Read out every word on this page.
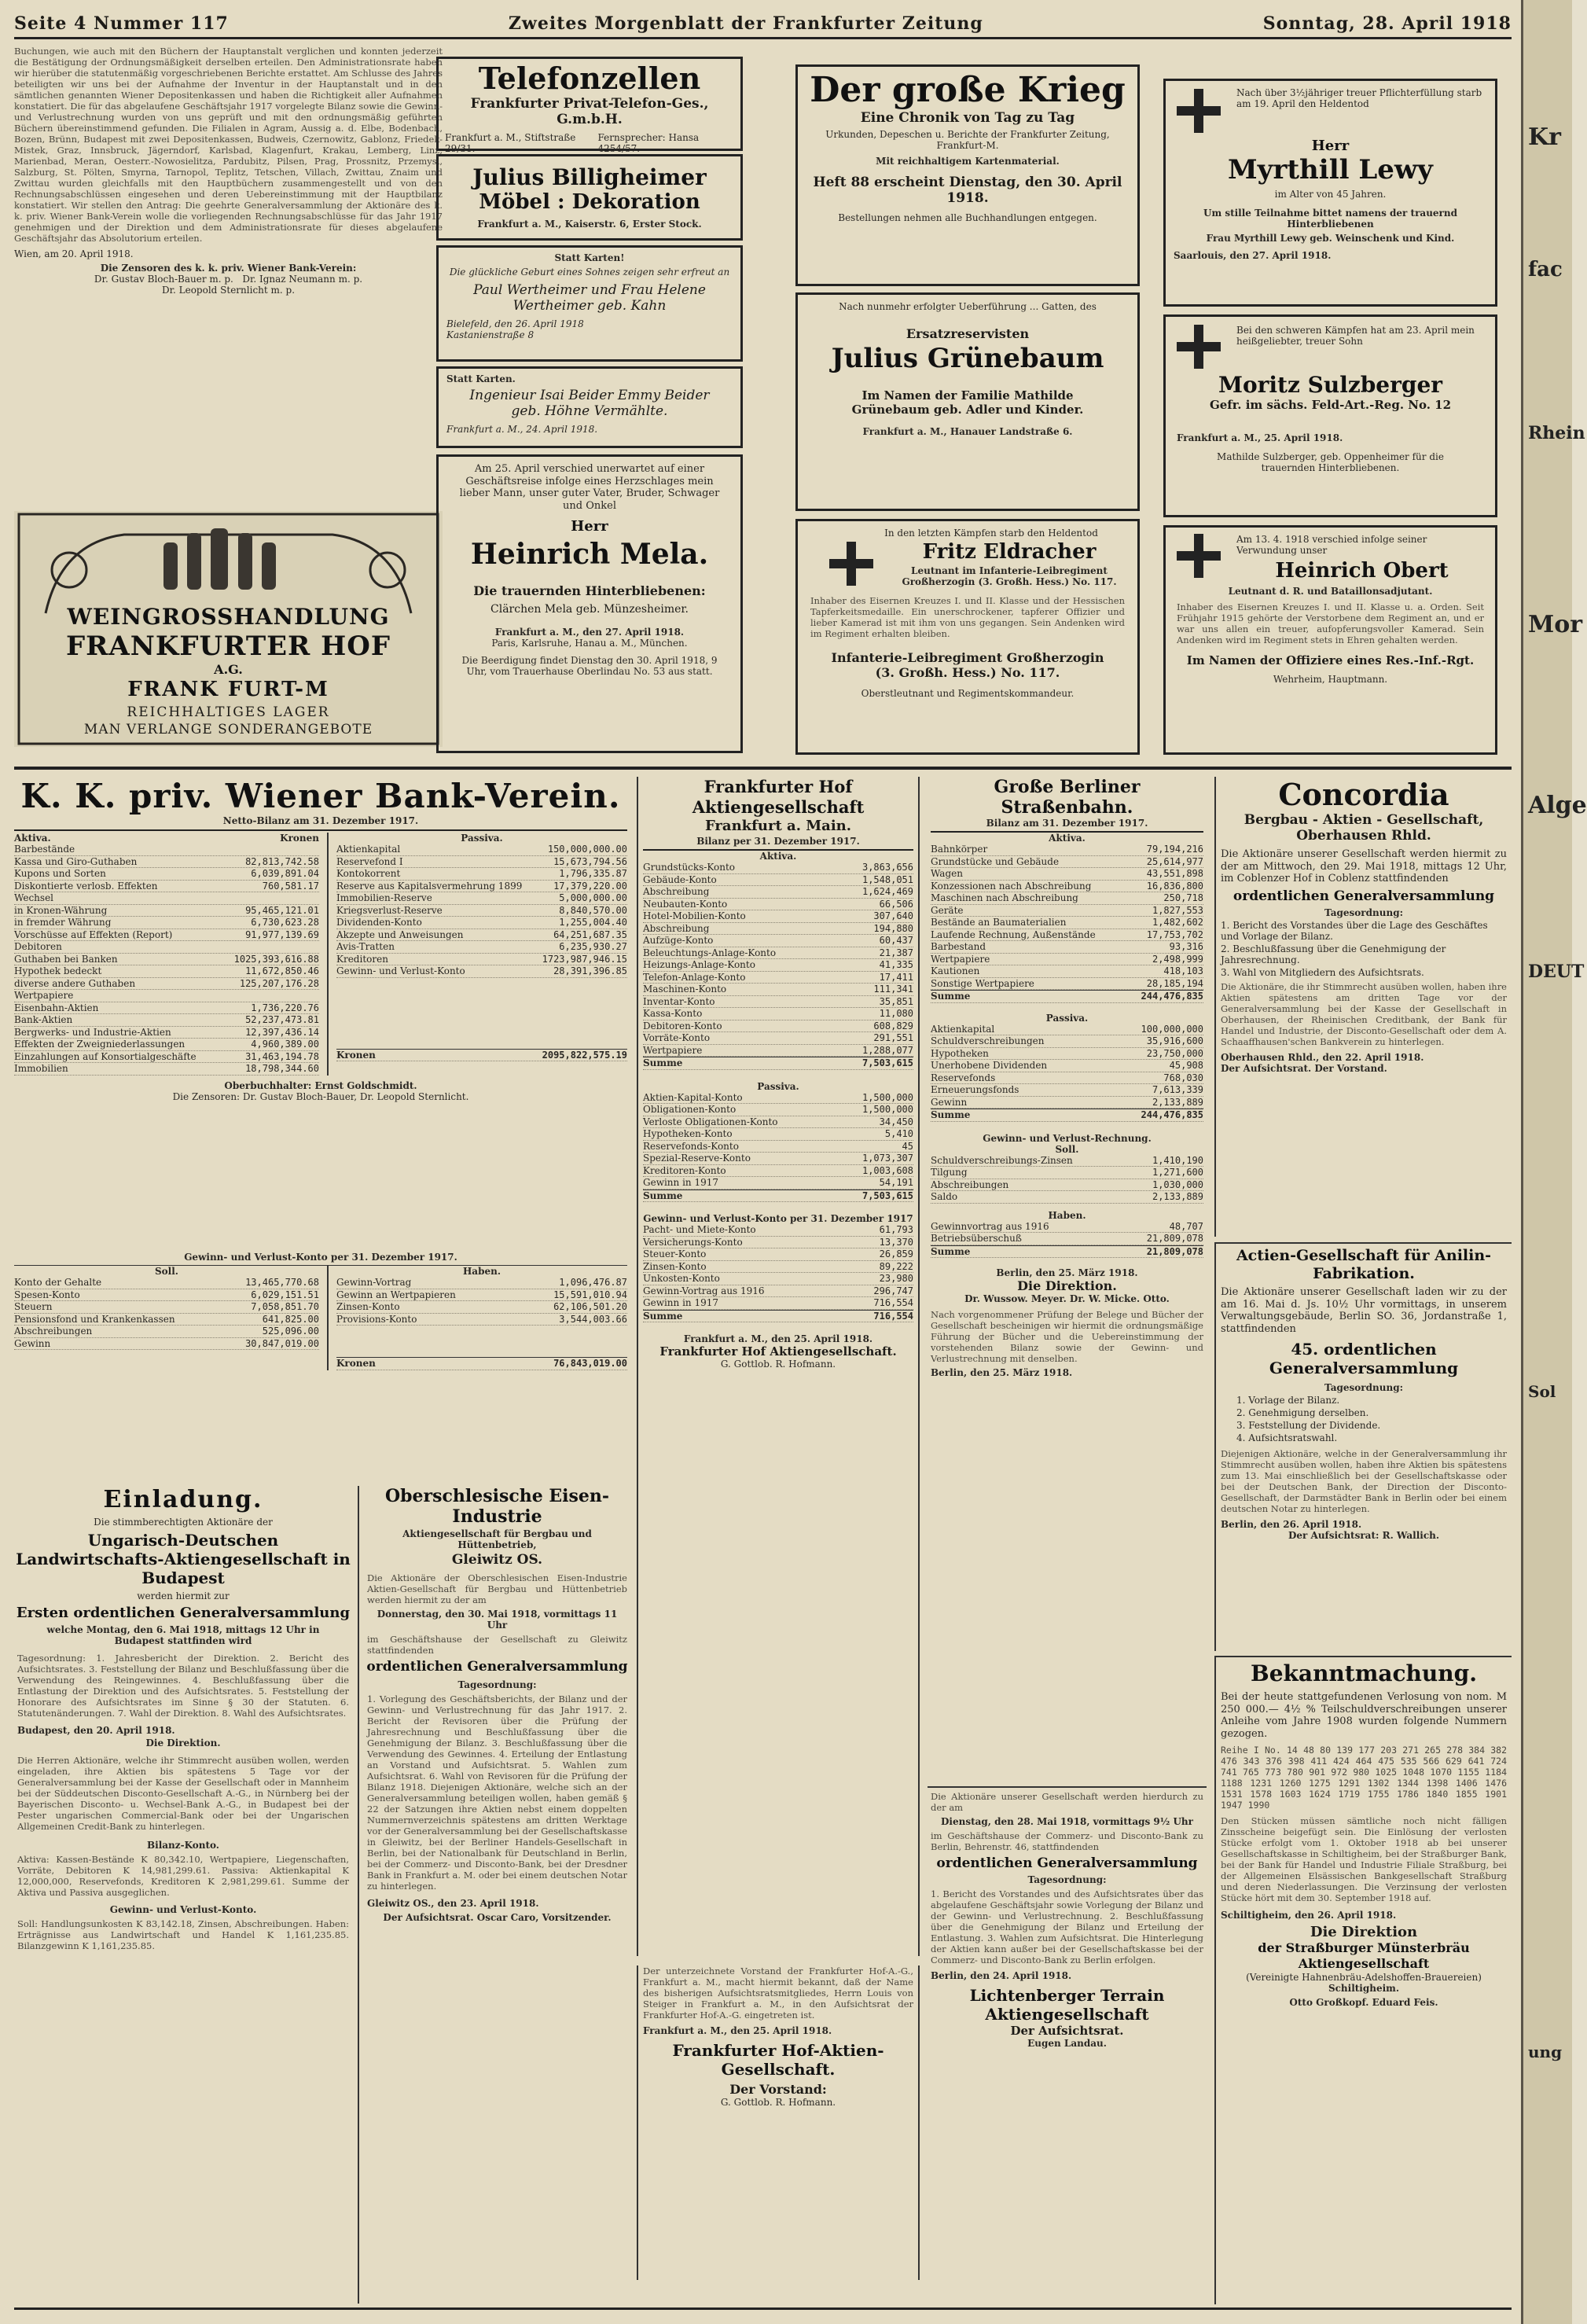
Seite 4 Nummer 117	Zweites Morgenblatt der Frankfurter Zeitung	Sonntag, 28. April 1918

Buchungen, wie auch mit den Büchern der Hauptanstalt verglichen und konnten jederzeit die Bestätigung der Ordnungsmäßigkeit derselben erteilen. Den Administrationsrate haben wir hierüber die statutenmäßig vorgeschriebenen Berichte erstattet. Am Schlusse des Jahres beteiligten wir uns bei der Aufnahme der Inventur in der Hauptanstalt und in den sämtlichen genannten Wiener Depositenkassen und haben die Richtigkeit aller Aufnahmen konstatiert. Die für das abgelaufene Geschäftsjahr 1917 vorgelegte Bilanz sowie die Gewinn- und Verlustrechnung wurden von uns geprüft und mit den ordnungsmäßig geführten Büchern übereinstimmend gefunden. Die Filialen in Agram, Aussig a. d. Elbe, Bodenbach, Bozen, Brünn, Budapest mit zwei Depositenkassen, Budweis, Czernowitz, Gablonz, Friedek-Mistek, Graz, Innsbruck, Jägerndorf, Karlsbad, Klagenfurt, Krakau, Lemberg, Linz, Marienbad, Meran, Oesterr.-Nowosielitza, Pardubitz, Pilsen, Prag, Prossnitz, Przemysl, Salzburg, St. Pölten, Smyrna, Tarnopol, Teplitz, Tetschen, Villach, Zwittau, Znaim und Zwittau wurden gleichfalls mit den Hauptbüchern zusammengestellt und von den Rechnungsabschlüssen eingesehen und deren Uebereinstimmung mit der Hauptbilanz konstatiert. Wir stellen den Antrag: Die geehrte Generalversammlung der Aktionäre des k. k. priv. Wiener Bank-Verein wolle die vorliegenden Rechnungsabschlüsse für das Jahr 1917 genehmigen und der Direktion und dem Administrationsrate für dieses abgelaufene Geschäftsjahr das Absolutorium erteilen.

Wien, am 20. April 1918.

Die Zensoren des k. k. priv. Wiener Bank-Verein:

Dr. Gustav Bloch-Bauer m. p.   Dr. Ignaz Neumann m. p.

Dr. Leopold Sternlicht m. p.

WEINGROSSHANDLUNG
FRANKFURTER HOF
A.G.
FRANK FURT-M
REICHHALTIGES LAGER
MAN VERLANGE SONDERANGEBOTE
Telefonzellen
Frankfurter Privat-Telefon-Ges., G.m.b.H.
Frankfurt a. M., Stiftstraße 29/31.
Fernsprecher: Hansa 4254/57.
Julius Billigheimer
Möbel : Dekoration
Frankfurt a. M., Kaiserstr. 6, Erster Stock.
Statt Karten!
Die glückliche Geburt eines Sohnes zeigen sehr erfreut an
Paul Wertheimer und Frau Helene Wertheimer geb. Kahn
Bielefeld, den 26. April 1918
Kastanienstraße 8
Statt Karten.
Ingenieur Isai Beider Emmy Beider geb. Höhne Vermählte.
Frankfurt a. M., 24. April 1918.
Am 25. April verschied unerwartet auf einer Geschäftsreise infolge eines Herzschlages mein lieber Mann, unser guter Vater, Bruder, Schwager und Onkel
Herr
Heinrich Mela.
Die trauernden Hinterbliebenen:
Clärchen Mela geb. Münzesheimer.
Frankfurt a. M., den 27. April 1918.
Paris, Karlsruhe, Hanau a. M., München.
Die Beerdigung findet Dienstag den 30. April 1918, 9 Uhr, vom Trauerhause Oberlindau No. 53 aus statt.
Der große Krieg
Eine Chronik von Tag zu Tag
Urkunden, Depeschen u. Berichte der Frankfurter Zeitung, Frankfurt-M.
Mit reichhaltigem Kartenmaterial.
Heft 88 erscheint Dienstag, den 30. April 1918.
Bestellungen nehmen alle Buchhandlungen entgegen.
Nach über 3½jähriger treuer Pflichterfüllung starb am 19. April den Heldentod
Herr
Myrthill Lewy
im Alter von 45 Jahren.
Um stille Teilnahme bittet namens der trauernd Hinterbliebenen
Frau Myrthill Lewy geb. Weinschenk und Kind.
Saarlouis, den 27. April 1918.
Nach nunmehr erfolgter Ueberführung ... Gatten, des
Ersatzreservisten
Julius Grünebaum
Im Namen der Familie Mathilde Grünebaum geb. Adler und Kinder.
Frankfurt a. M., Hanauer Landstraße 6.
Bei den schweren Kämpfen hat am 23. April mein heißgeliebter, treuer Sohn
Moritz Sulzberger
Gefr. im sächs. Feld-Art.-Reg. No. 12
Frankfurt a. M., 25. April 1918.
Mathilde Sulzberger, geb. Oppenheimer für die trauernden Hinterbliebenen.
In den letzten Kämpfen starb den Heldentod
Fritz Eldracher
Leutnant im Infanterie-Leibregiment Großherzogin (3. Großh. Hess.) No. 117.
Inhaber des Eisernen Kreuzes I. und II. Klasse und der Hessischen Tapferkeitsmedaille. Ein unerschrockener, tapferer Offizier und lieber Kamerad ist mit ihm von uns gegangen. Sein Andenken wird im Regiment erhalten bleiben.
Infanterie-Leibregiment Großherzogin (3. Großh. Hess.) No. 117.
Oberstleutnant und Regimentskommandeur.
Am 13. 4. 1918 verschied infolge seiner Verwundung unser
Heinrich Obert
Leutnant d. R. und Bataillonsadjutant.
Inhaber des Eisernen Kreuzes I. und II. Klasse u. a. Orden. Seit Frühjahr 1915 gehörte der Verstorbene dem Regiment an, und er war uns allen ein treuer, aufopferungsvoller Kamerad. Sein Andenken wird im Regiment stets in Ehren gehalten werden.
Im Namen der Offiziere eines Res.-Inf.-Rgt.
Wehrheim, Hauptmann.
K. K. priv. Wiener Bank-Verein.
Netto-Bilanz am 31. Dezember 1917.
Aktiva.	Kronen
Barbestände
Kassa und Giro-Guthaben	82,813,742.58
Kupons und Sorten	6,039,891.04
Diskontierte verlosb. Effekten	760,581.17
Wechsel
in Kronen-Währung	95,465,121.01
in fremder Währung	6,730,623.28
Vorschüsse auf Effekten (Report)	91,977,139.69
Debitoren
Guthaben bei Banken	1025,393,616.88
Hypothek bedeckt	11,672,850.46
diverse andere Guthaben	125,207,176.28
Wertpapiere
Eisenbahn-Aktien	1,736,220.76
Bank-Aktien	52,237,473.81
Bergwerks- und Industrie-Aktien	12,397,436.14
Effekten der Zweigniederlassungen	4,960,389.00
Einzahlungen auf Konsortialgeschäfte	31,463,194.78
Immobilien	18,798,344.60
Passiva.
Aktienkapital	150,000,000.00
Reservefond I	15,673,794.56
Kontokorrent	1,796,335.87
Reserve aus Kapitalsvermehrung 1899	17,379,220.00
Immobilien-Reserve	5,000,000.00
Kriegsverlust-Reserve	8,840,570.00
Dividenden-Konto	1,255,004.40
Akzepte und Anweisungen	64,251,687.35
Avis-Tratten	6,235,930.27
Kreditoren	1723,987,946.15
Gewinn- und Verlust-Konto	28,391,396.85
Kronen	2095,822,575.19
Oberbuchhalter: Ernst Goldschmidt.
Die Zensoren: Dr. Gustav Bloch-Bauer, Dr. Leopold Sternlicht.
Gewinn- und Verlust-Konto per 31. Dezember 1917.
Soll.
Konto der Gehalte	13,465,770.68
Spesen-Konto	6,029,151.51
Steuern	7,058,851.70
Pensionsfond und Krankenkassen	641,825.00
Abschreibungen	525,096.00
Gewinn	30,847,019.00
Haben.
Gewinn-Vortrag	1,096,476.87
Gewinn an Wertpapieren	15,591,010.94
Zinsen-Konto	62,106,501.20
Provisions-Konto	3,544,003.66
Kronen	76,843,019.00
Einladung.
Die stimmberechtigten Aktionäre der
Ungarisch-Deutschen Landwirtschafts-Aktiengesellschaft in Budapest
werden hiermit zur
Ersten ordentlichen Generalversammlung
welche Montag, den 6. Mai 1918, mittags 12 Uhr in Budapest stattfinden wird
Tagesordnung: 1. Jahresbericht der Direktion. 2. Bericht des Aufsichtsrates. 3. Feststellung der Bilanz und Beschlußfassung über die Verwendung des Reingewinnes. 4. Beschlußfassung über die Entlastung der Direktion und des Aufsichtsrates. 5. Feststellung der Honorare des Aufsichtsrates im Sinne § 30 der Statuten. 6. Statutenänderungen. 7. Wahl der Direktion. 8. Wahl des Aufsichtsrates.
Budapest, den 20. April 1918.
Die Direktion.
Die Herren Aktionäre, welche ihr Stimmrecht ausüben wollen, werden eingeladen, ihre Aktien bis spätestens 5 Tage vor der Generalversammlung bei der Kasse der Gesellschaft oder in Mannheim bei der Süddeutschen Disconto-Gesellschaft A.-G., in Nürnberg bei der Bayerischen Disconto- u. Wechsel-Bank A.-G., in Budapest bei der Pester ungarischen Commercial-Bank oder bei der Ungarischen Allgemeinen Credit-Bank zu hinterlegen.
Bilanz-Konto.
Aktiva: Kassen-Bestände K 80,342.10, Wertpapiere, Liegenschaften, Vorräte, Debitoren K 14,981,299.61. Passiva: Aktienkapital K 12,000,000, Reservefonds, Kreditoren K 2,981,299.61. Summe der Aktiva und Passiva ausgeglichen.
Gewinn- und Verlust-Konto.
Soll: Handlungsunkosten K 83,142.18, Zinsen, Abschreibungen. Haben: Erträgnisse aus Landwirtschaft und Handel K 1,161,235.85. Bilanzgewinn K 1,161,235.85.
Oberschlesische Eisen-Industrie
Aktiengesellschaft für Bergbau und Hüttenbetrieb,
Gleiwitz OS.
Die Aktionäre der Oberschlesischen Eisen-Industrie Aktien-Gesellschaft für Bergbau und Hüttenbetrieb werden hiermit zu der am
Donnerstag, den 30. Mai 1918, vormittags 11 Uhr
im Geschäftshause der Gesellschaft zu Gleiwitz stattfindenden
ordentlichen Generalversammlung
Tagesordnung:
1. Vorlegung des Geschäftsberichts, der Bilanz und der Gewinn- und Verlustrechnung für das Jahr 1917. 2. Bericht der Revisoren über die Prüfung der Jahresrechnung und Beschlußfassung über die Genehmigung der Bilanz. 3. Beschlußfassung über die Verwendung des Gewinnes. 4. Erteilung der Entlastung an Vorstand und Aufsichtsrat. 5. Wahlen zum Aufsichtsrat. 6. Wahl von Revisoren für die Prüfung der Bilanz 1918. Diejenigen Aktionäre, welche sich an der Generalversammlung beteiligen wollen, haben gemäß § 22 der Satzungen ihre Aktien nebst einem doppelten Nummernverzeichnis spätestens am dritten Werktage vor der Generalversammlung bei der Gesellschaftskasse in Gleiwitz, bei der Berliner Handels-Gesellschaft in Berlin, bei der Nationalbank für Deutschland in Berlin, bei der Commerz- und Disconto-Bank, bei der Dresdner Bank in Frankfurt a. M. oder bei einem deutschen Notar zu hinterlegen.
Gleiwitz OS., den 23. April 1918.
Der Aufsichtsrat. Oscar Caro, Vorsitzender.
Frankfurter Hof Aktiengesellschaft
Frankfurt a. Main.
Bilanz per 31. Dezember 1917.
Aktiva.
Grundstücks-Konto	3,863,656
Gebäude-Konto	1,548,051
Abschreibung	1,624,469
Neubauten-Konto	66,506
Hotel-Mobilien-Konto	307,640
Abschreibung	194,880
Aufzüge-Konto	60,437
Beleuchtungs-Anlage-Konto	21,387
Heizungs-Anlage-Konto	41,335
Telefon-Anlage-Konto	17,411
Maschinen-Konto	111,341
Inventar-Konto	35,851
Kassa-Konto	11,080
Debitoren-Konto	608,829
Vorräte-Konto	291,551
Wertpapiere	1,288,077
Summe	7,503,615
Passiva.
Aktien-Kapital-Konto	1,500,000
Obligationen-Konto	1,500,000
Verloste Obligationen-Konto	34,450
Hypotheken-Konto	5,410
Reservefonds-Konto	45
Spezial-Reserve-Konto	1,073,307
Kreditoren-Konto	1,003,608
Gewinn in 1917	54,191
Summe	7,503,615
Gewinn- und Verlust-Konto per 31. Dezember 1917
Pacht- und Miete-Konto	61,793
Versicherungs-Konto	13,370
Steuer-Konto	26,859
Zinsen-Konto	89,222
Unkosten-Konto	23,980
Gewinn-Vortrag aus 1916	296,747
Gewinn in 1917	716,554
Summe	716,554
Frankfurt a. M., den 25. April 1918.
Frankfurter Hof Aktiengesellschaft.
G. Gottlob. R. Hofmann.
Der unterzeichnete Vorstand der Frankfurter Hof-A.-G., Frankfurt a. M., macht hiermit bekannt, daß der Name des bisherigen Aufsichtsratsmitgliedes, Herrn Louis von Steiger in Frankfurt a. M., in den Aufsichtsrat der Frankfurter Hof-A.-G. eingetreten ist.
Frankfurt a. M., den 25. April 1918.
Frankfurter Hof-Aktien-Gesellschaft.
Der Vorstand:
G. Gottlob. R. Hofmann.
Große Berliner Straßenbahn.
Bilanz am 31. Dezember 1917.
Aktiva.
Bahnkörper	79,194,216
Grundstücke und Gebäude	25,614,977
Wagen	43,551,898
Konzessionen nach Abschreibung	16,836,800
Maschinen nach Abschreibung	250,718
Geräte	1,827,553
Bestände an Baumaterialien	1,482,602
Laufende Rechnung, Außenstände	17,753,702
Barbestand	93,316
Wertpapiere	2,498,999
Kautionen	418,103
Sonstige Wertpapiere	28,185,194
Summe	244,476,835
Passiva.
Aktienkapital	100,000,000
Schuldverschreibungen	35,916,600
Hypotheken	23,750,000
Unerhobene Dividenden	45,908
Reservefonds	768,030
Erneuerungsfonds	7,613,339
Gewinn	2,133,889
Summe	244,476,835
Gewinn- und Verlust-Rechnung.
Soll.
Schuldverschreibungs-Zinsen	1,410,190
Tilgung	1,271,600
Abschreibungen	1,030,000
Saldo	2,133,889
Haben.
Gewinnvortrag aus 1916	48,707
Betriebsüberschuß	21,809,078
Summe	21,809,078
Berlin, den 25. März 1918.
Die Direktion.
Dr. Wussow. Meyer. Dr. W. Micke. Otto.
Nach vorgenommener Prüfung der Belege und Bücher der Gesellschaft bescheinigen wir hiermit die ordnungsmäßige Führung der Bücher und die Uebereinstimmung der vorstehenden Bilanz sowie der Gewinn- und Verlustrechnung mit denselben.
Berlin, den 25. März 1918.
Die Aktionäre unserer Gesellschaft werden hierdurch zu der am
Dienstag, den 28. Mai 1918, vormittags 9½ Uhr
im Geschäftshause der Commerz- und Disconto-Bank zu Berlin, Behrenstr. 46, stattfindenden
ordentlichen Generalversammlung
Tagesordnung:
1. Bericht des Vorstandes und des Aufsichtsrates über das abgelaufene Geschäftsjahr sowie Vorlegung der Bilanz und der Gewinn- und Verlustrechnung. 2. Beschlußfassung über die Genehmigung der Bilanz und Erteilung der Entlastung. 3. Wahlen zum Aufsichtsrat. Die Hinterlegung der Aktien kann außer bei der Gesellschaftskasse bei der Commerz- und Disconto-Bank zu Berlin erfolgen.
Berlin, den 24. April 1918.
Lichtenberger Terrain Aktiengesellschaft
Der Aufsichtsrat.
Eugen Landau.
Concordia
Bergbau - Aktien - Gesellschaft,
Oberhausen Rhld.
Die Aktionäre unserer Gesellschaft werden hiermit zu der am Mittwoch, den 29. Mai 1918, mittags 12 Uhr, im Coblenzer Hof in Coblenz stattfindenden
ordentlichen Generalversammlung
Tagesordnung:
1. Bericht des Vorstandes über die Lage des Geschäftes und Vorlage der Bilanz.
2. Beschlußfassung über die Genehmigung der Jahresrechnung.
3. Wahl von Mitgliedern des Aufsichtsrats.
Die Aktionäre, die ihr Stimmrecht ausüben wollen, haben ihre Aktien spätestens am dritten Tage vor der Generalversammlung bei der Kasse der Gesellschaft in Oberhausen, der Rheinischen Creditbank, der Bank für Handel und Industrie, der Disconto-Gesellschaft oder dem A. Schaaffhausen'schen Bankverein zu hinterlegen.
Oberhausen Rhld., den 22. April 1918.
Der Aufsichtsrat. Der Vorstand.
Actien-Gesellschaft für Anilin-Fabrikation.
Die Aktionäre unserer Gesellschaft laden wir zu der am 16. Mai d. Js. 10½ Uhr vormittags, in unserem Verwaltungsgebäude, Berlin SO. 36, Jordanstraße 1, stattfindenden
45. ordentlichen Generalversammlung
Tagesordnung:
1. Vorlage der Bilanz.
2. Genehmigung derselben.
3. Feststellung der Dividende.
4. Aufsichtsratswahl.
Diejenigen Aktionäre, welche in der Generalversammlung ihr Stimmrecht ausüben wollen, haben ihre Aktien bis spätestens zum 13. Mai einschließlich bei der Gesellschaftskasse oder bei der Deutschen Bank, der Direction der Disconto-Gesellschaft, der Darmstädter Bank in Berlin oder bei einem deutschen Notar zu hinterlegen.
Berlin, den 26. April 1918.
Der Aufsichtsrat: R. Wallich.
Bekanntmachung.
Bei der heute stattgefundenen Verlosung von nom. M 250 000.— 4½ % Teilschuldverschreibungen unserer Anleihe vom Jahre 1908 wurden folgende Nummern gezogen.
Reihe I No. 14 48 80 139 177 203 271 265 278 384 382 476 343 376 398 411 424 464 475 535 566 629 641 724 741 765 773 780 901 972 980 1025 1048 1070 1155 1184 1188 1231 1260 1275 1291 1302 1344 1398 1406 1476 1531 1578 1603 1624 1719 1755 1786 1840 1855 1901 1947 1990
Den Stücken müssen sämtliche noch nicht fälligen Zinsscheine beigefügt sein. Die Einlösung der verlosten Stücke erfolgt vom 1. Oktober 1918 ab bei unserer Gesellschaftskasse in Schiltigheim, bei der Straßburger Bank, bei der Bank für Handel und Industrie Filiale Straßburg, bei der Allgemeinen Elsässischen Bankgesellschaft Straßburg und deren Niederlassungen. Die Verzinsung der verlosten Stücke hört mit dem 30. September 1918 auf.
Schiltigheim, den 26. April 1918.
Die Direktion
der Straßburger Münsterbräu Aktiengesellschaft
(Vereinigte Hahnenbräu-Adelshoffen-Brauereien)
Schiltigheim.
Otto Großkopf. Eduard Feis.
Kr
fac
Rhein
Mor
Alge
DEUT
Sol
ung
